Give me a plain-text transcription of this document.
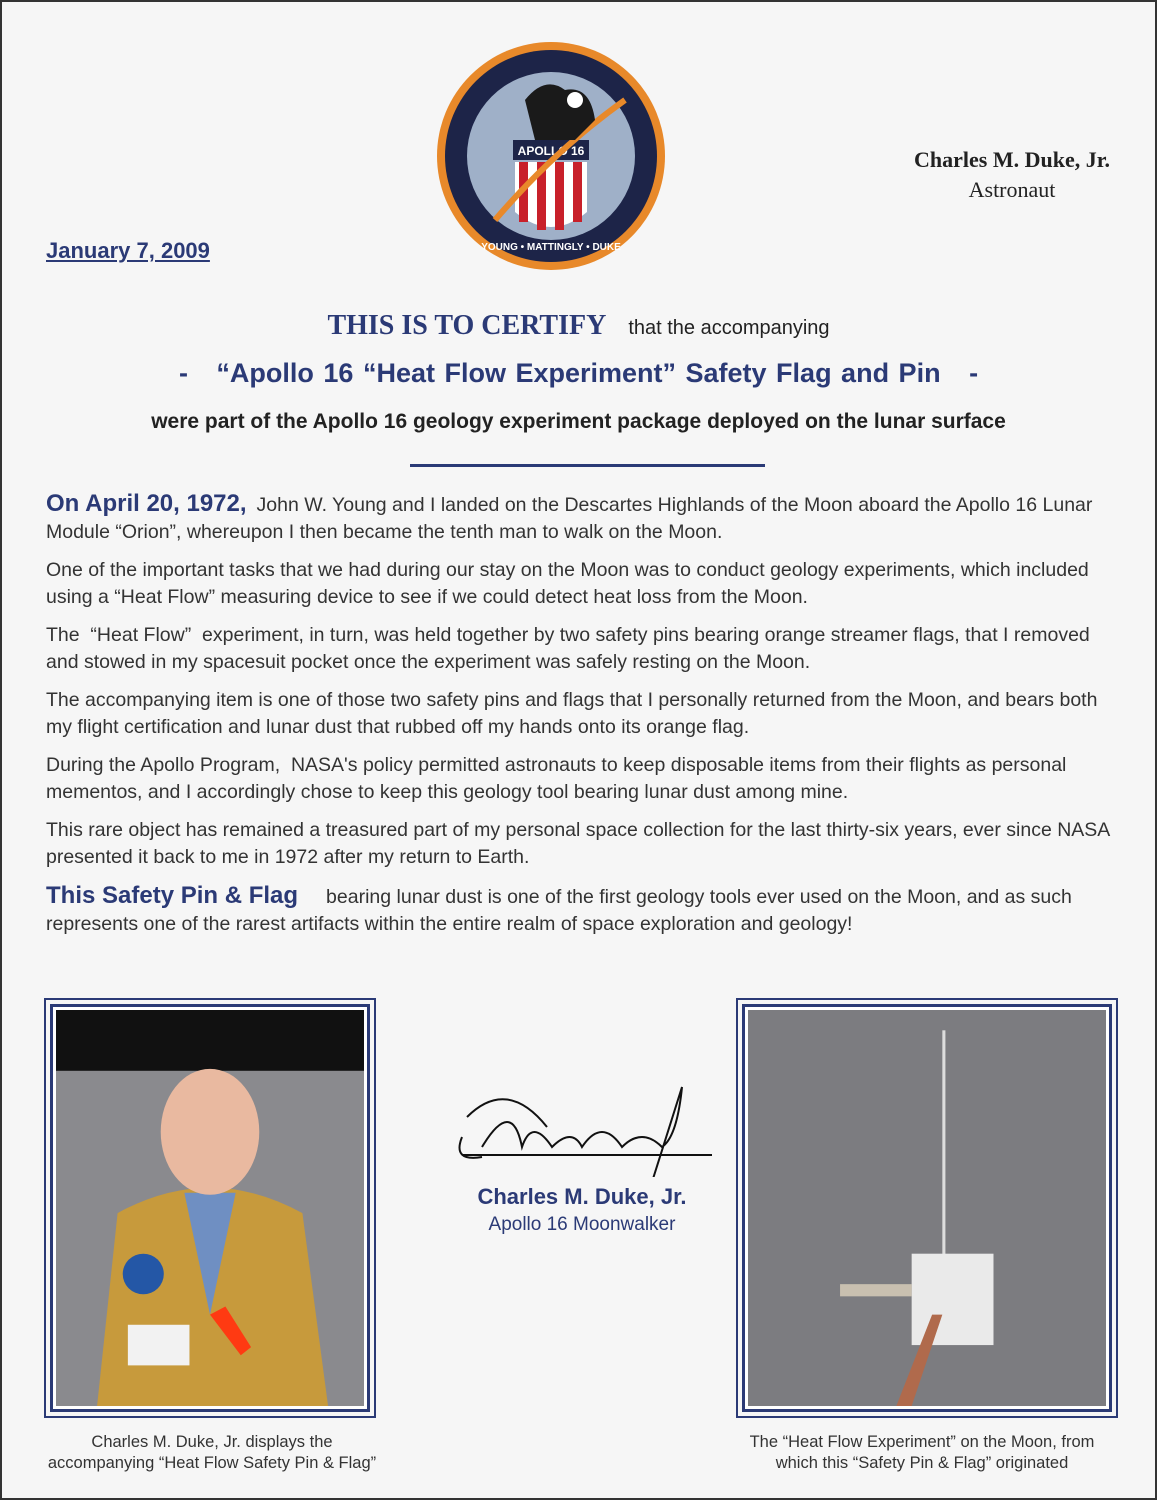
APOLLO 16
YOUNG • MATTINGLY • DUKE
Charles M. Duke, Jr.
Astronaut
January 7, 2009
THIS IS TO CERTIFY that the accompanying
-   “Apollo 16 “Heat Flow Experiment” Safety Flag and Pin   -
were part of the Apollo 16 geology experiment package deployed on the lunar surface

On April 20, 1972, John W. Young and I landed on the Descartes Highlands of the Moon aboard the Apollo 16 Lunar Module “Orion”, whereupon I then became the tenth man to walk on the Moon.

One of the important tasks that we had during our stay on the Moon was to conduct geology experiments, which included using a “Heat Flow” measuring device to see if we could detect heat loss from the Moon.

The  “Heat Flow”  experiment, in turn, was held together by two safety pins bearing orange streamer flags, that I removed and stowed in my spacesuit pocket once the experiment was safely resting on the Moon.

The accompanying item is one of those two safety pins and flags that I personally returned from the Moon, and bears both my flight certification and lunar dust that rubbed off my hands onto its orange flag.

During the Apollo Program,  NASA's policy permitted astronauts to keep disposable items from their flights as personal mementos, and I accordingly chose to keep this geology tool bearing lunar dust among mine.

This rare object has remained a treasured part of my personal space collection for the last thirty-six years, ever since NASA presented it back to me in 1972 after my return to Earth.

This Safety Pin & Flag bearing lunar dust is one of the first geology tools ever used on the Moon, and as such represents one of the rarest artifacts within the entire realm of space exploration and geology!

Charles M. Duke, Jr.
Apollo 16 Moonwalker
Charles M. Duke, Jr. displays the accompanying “Heat Flow Safety Pin & Flag”
The “Heat Flow Experiment” on the Moon, from which this “Safety Pin & Flag” originated
